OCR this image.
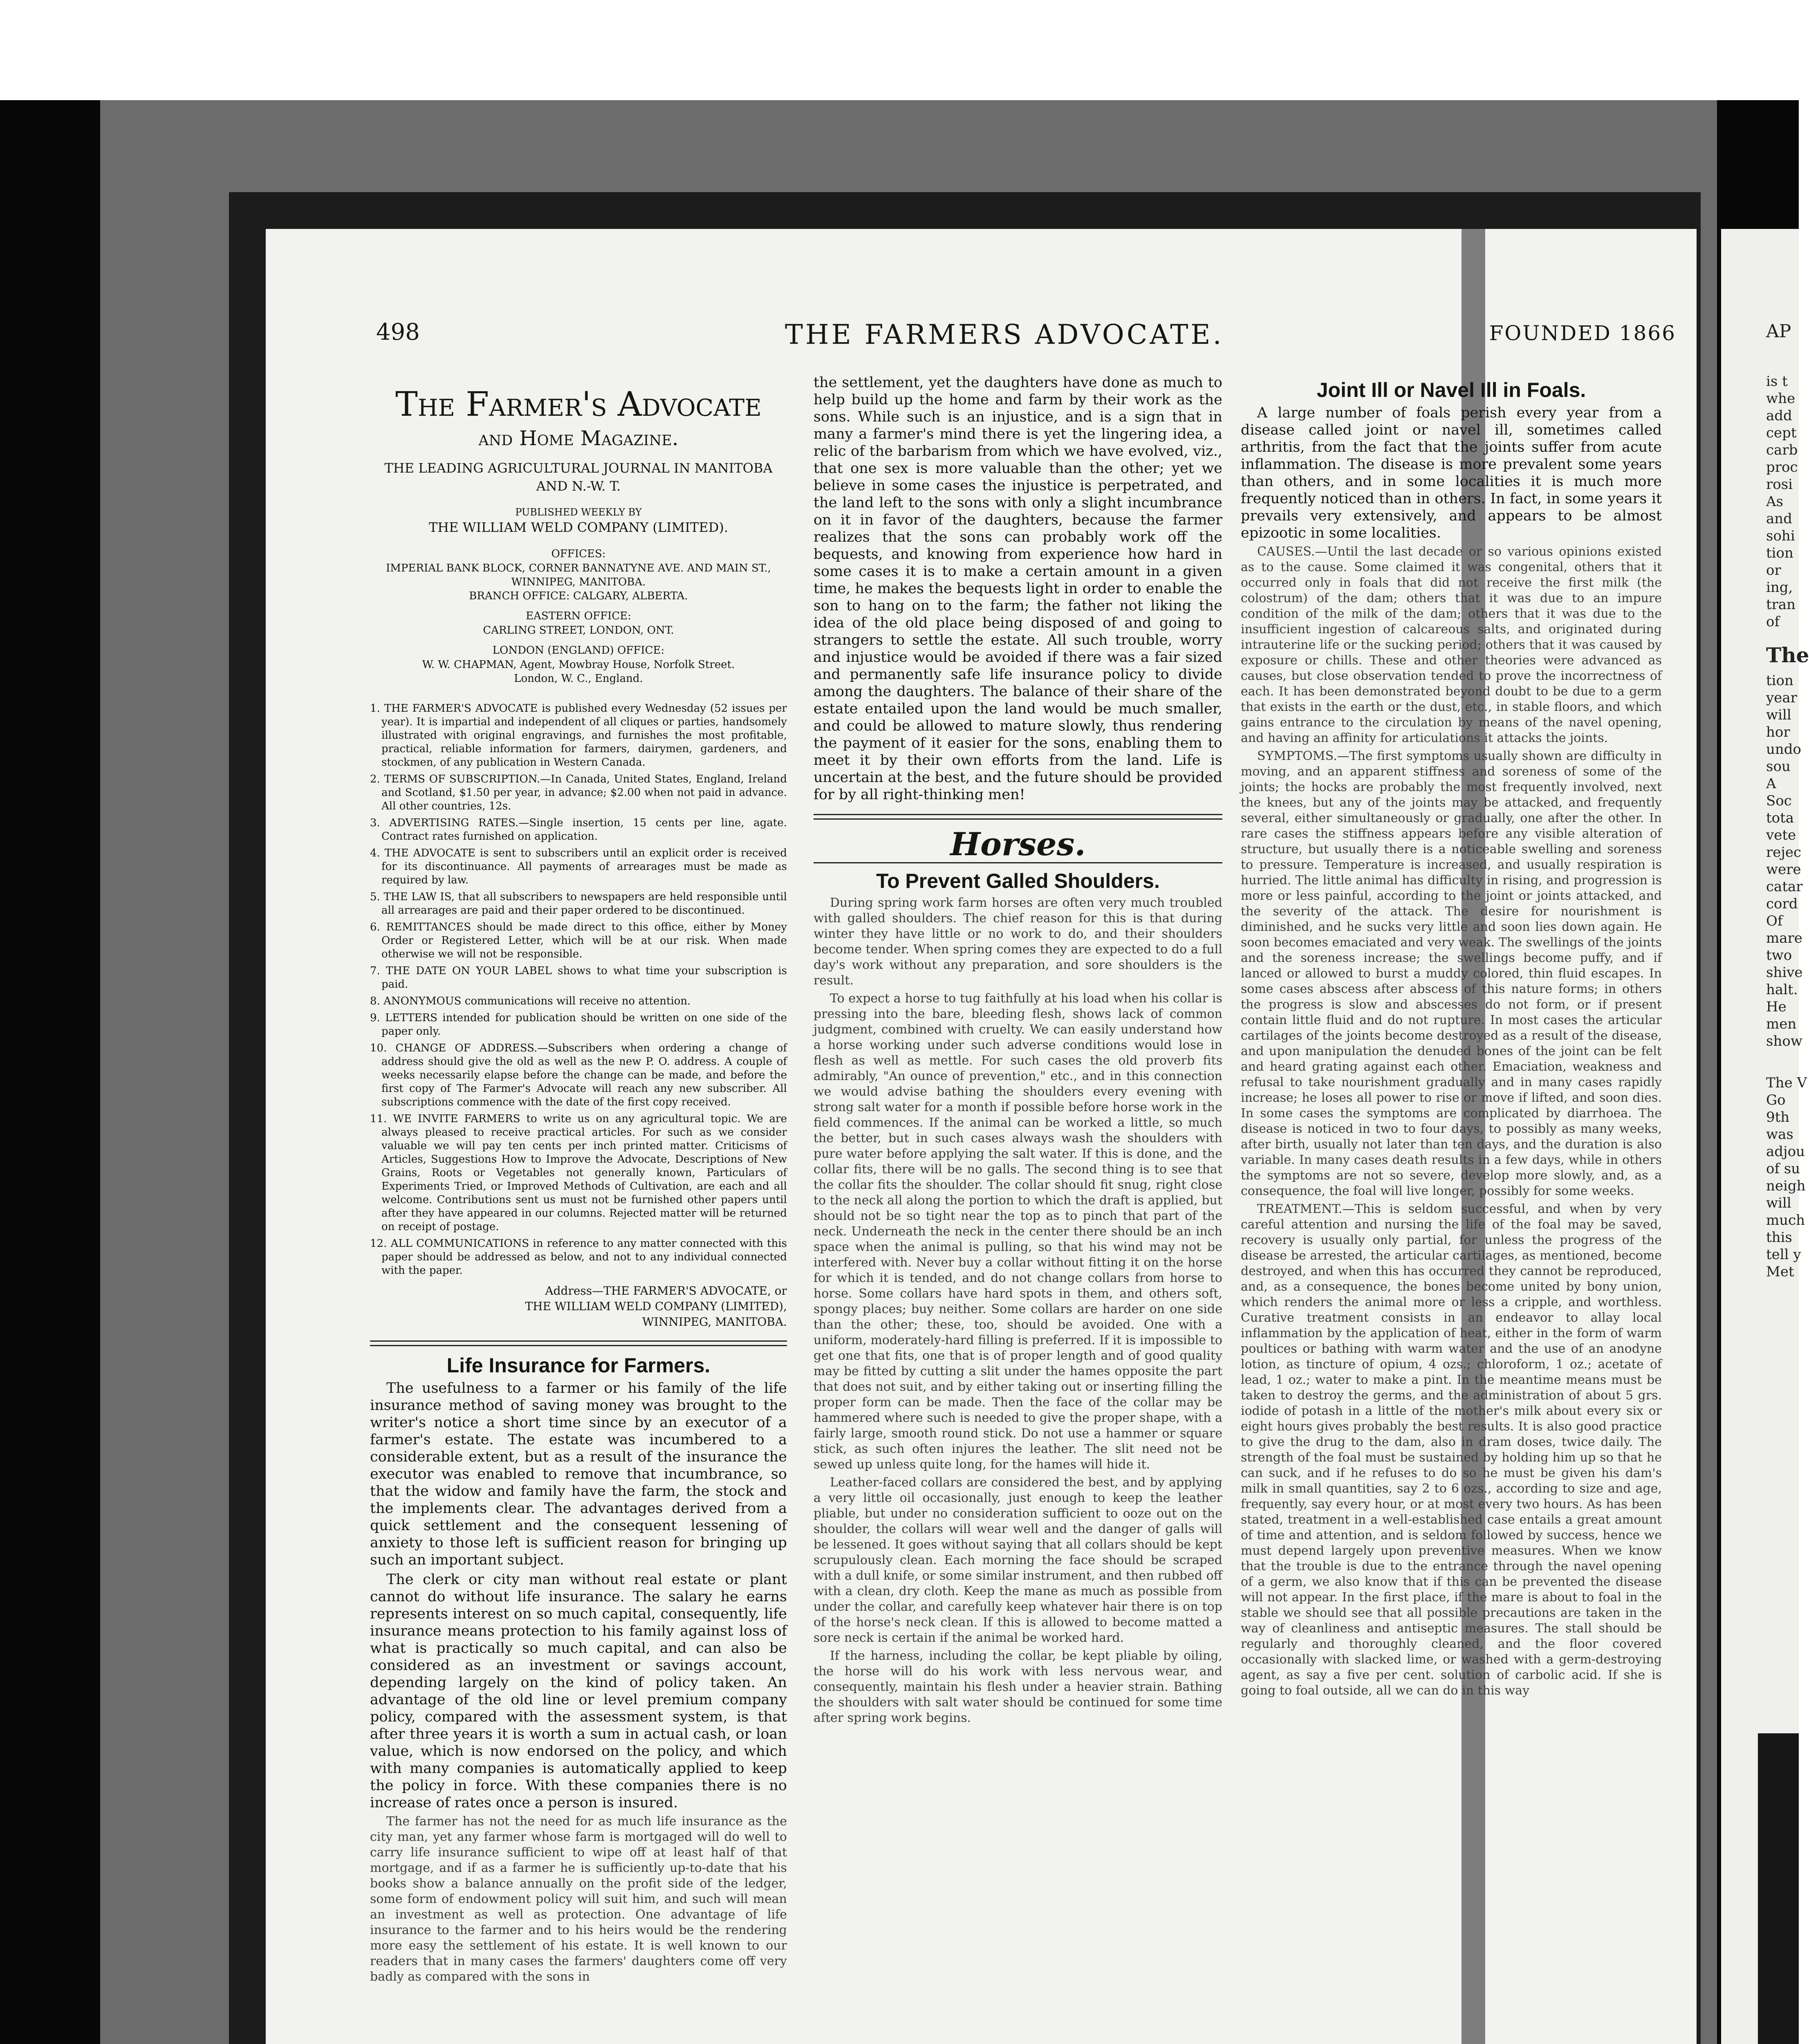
498	THE FARMERS ADVOCATE.	FOUNDED 1866
The Farmer's Advocate
and Home Magazine.
THE LEADING AGRICULTURAL JOURNAL IN MANITOBA AND N.-W. T.
PUBLISHED WEEKLY BY
THE WILLIAM WELD COMPANY (LIMITED).
OFFICES:
IMPERIAL BANK BLOCK, CORNER BANNATYNE AVE. AND MAIN ST., WINNIPEG, MANITOBA.
BRANCH OFFICE: CALGARY, ALBERTA.
EASTERN OFFICE:
CARLING STREET, LONDON, ONT.
LONDON (ENGLAND) OFFICE:
W. W. CHAPMAN, Agent, Mowbray House, Norfolk Street.
London, W. C., England.

1. THE FARMER'S ADVOCATE is published every Wednesday (52 issues per year). It is impartial and independent of all cliques or parties, handsomely illustrated with original engravings, and furnishes the most profitable, practical, reliable information for farmers, dairymen, gardeners, and stockmen, of any publication in Western Canada.

2. TERMS OF SUBSCRIPTION.—In Canada, United States, England, Ireland and Scotland, $1.50 per year, in advance; $2.00 when not paid in advance. All other countries, 12s.

3. ADVERTISING RATES.—Single insertion, 15 cents per line, agate. Contract rates furnished on application.

4. THE ADVOCATE is sent to subscribers until an explicit order is received for its discontinuance. All payments of arrearages must be made as required by law.

5. THE LAW IS, that all subscribers to newspapers are held responsible until all arrearages are paid and their paper ordered to be discontinued.

6. REMITTANCES should be made direct to this office, either by Money Order or Registered Letter, which will be at our risk. When made otherwise we will not be responsible.

7. THE DATE ON YOUR LABEL shows to what time your subscription is paid.

8. ANONYMOUS communications will receive no attention.

9. LETTERS intended for publication should be written on one side of the paper only.

10. CHANGE OF ADDRESS.—Subscribers when ordering a change of address should give the old as well as the new P. O. address. A couple of weeks necessarily elapse before the change can be made, and before the first copy of The Farmer's Advocate will reach any new subscriber. All subscriptions commence with the date of the first copy received.

11. WE INVITE FARMERS to write us on any agricultural topic. We are always pleased to receive practical articles. For such as we consider valuable we will pay ten cents per inch printed matter. Criticisms of Articles, Suggestions How to Improve the Advocate, Descriptions of New Grains, Roots or Vegetables not generally known, Particulars of Experiments Tried, or Improved Methods of Cultivation, are each and all welcome. Contributions sent us must not be furnished other papers until after they have appeared in our columns. Rejected matter will be returned on receipt of postage.

12. ALL COMMUNICATIONS in reference to any matter connected with this paper should be addressed as below, and not to any individual connected with the paper.

Address—THE FARMER'S ADVOCATE, or
THE WILLIAM WELD COMPANY (LIMITED),
WINNIPEG, MANITOBA.
Life Insurance for Farmers.

The usefulness to a farmer or his family of the life insurance method of saving money was brought to the writer's notice a short time since by an executor of a farmer's estate. The estate was incumbered to a considerable extent, but as a result of the insurance the executor was enabled to remove that incumbrance, so that the widow and family have the farm, the stock and the implements clear. The advantages derived from a quick settlement and the consequent lessening of anxiety to those left is sufficient reason for bringing up such an important subject.

The clerk or city man without real estate or plant cannot do without life insurance. The salary he earns represents interest on so much capital, consequently, life insurance means protection to his family against loss of what is practically so much capital, and can also be considered as an investment or savings account, depending largely on the kind of policy taken. An advantage of the old line or level premium company policy, compared with the assessment system, is that after three years it is worth a sum in actual cash, or loan value, which is now endorsed on the policy, and which with many companies is automatically applied to keep the policy in force. With these companies there is no increase of rates once a person is insured.

The farmer has not the need for as much life insurance as the city man, yet any farmer whose farm is mortgaged will do well to carry life insurance sufficient to wipe off at least half of that mortgage, and if as a farmer he is sufficiently up-to-date that his books show a balance annually on the profit side of the ledger, some form of endowment policy will suit him, and such will mean an investment as well as protection. One advantage of life insurance to the farmer and to his heirs would be the rendering more easy the settlement of his estate. It is well known to our readers that in many cases the farmers' daughters come off very badly as compared with the sons in

the settlement, yet the daughters have done as much to help build up the home and farm by their work as the sons. While such is an injustice, and is a sign that in many a farmer's mind there is yet the lingering idea, a relic of the barbarism from which we have evolved, viz., that one sex is more valuable than the other; yet we believe in some cases the injustice is perpetrated, and the land left to the sons with only a slight incumbrance on it in favor of the daughters, because the farmer realizes that the sons can probably work off the bequests, and knowing from experience how hard in some cases it is to make a certain amount in a given time, he makes the bequests light in order to enable the son to hang on to the farm; the father not liking the idea of the old place being disposed of and going to strangers to settle the estate. All such trouble, worry and injustice would be avoided if there was a fair sized and permanently safe life insurance policy to divide among the daughters. The balance of their share of the estate entailed upon the land would be much smaller, and could be allowed to mature slowly, thus rendering the payment of it easier for the sons, enabling them to meet it by their own efforts from the land. Life is uncertain at the best, and the future should be provided for by all right-thinking men!

Horses.
To Prevent Galled Shoulders.

During spring work farm horses are often very much troubled with galled shoulders. The chief reason for this is that during winter they have little or no work to do, and their shoulders become tender. When spring comes they are expected to do a full day's work without any preparation, and sore shoulders is the result.

To expect a horse to tug faithfully at his load when his collar is pressing into the bare, bleeding flesh, shows lack of common judgment, combined with cruelty. We can easily understand how a horse working under such adverse conditions would lose in flesh as well as mettle. For such cases the old proverb fits admirably, "An ounce of prevention," etc., and in this connection we would advise bathing the shoulders every evening with strong salt water for a month if possible before horse work in the field commences. If the animal can be worked a little, so much the better, but in such cases always wash the shoulders with pure water before applying the salt water. If this is done, and the collar fits, there will be no galls. The second thing is to see that the collar fits the shoulder. The collar should fit snug, right close to the neck all along the portion to which the draft is applied, but should not be so tight near the top as to pinch that part of the neck. Underneath the neck in the center there should be an inch space when the animal is pulling, so that his wind may not be interfered with. Never buy a collar without fitting it on the horse for which it is tended, and do not change collars from horse to horse. Some collars have hard spots in them, and others soft, spongy places; buy neither. Some collars are harder on one side than the other; these, too, should be avoided. One with a uniform, moderately-hard filling is preferred. If it is impossible to get one that fits, one that is of proper length and of good quality may be fitted by cutting a slit under the hames opposite the part that does not suit, and by either taking out or inserting filling the proper form can be made. Then the face of the collar may be hammered where such is needed to give the proper shape, with a fairly large, smooth round stick. Do not use a hammer or square stick, as such often injures the leather. The slit need not be sewed up unless quite long, for the hames will hide it.

Leather-faced collars are considered the best, and by applying a very little oil occasionally, just enough to keep the leather pliable, but under no consideration sufficient to ooze out on the shoulder, the collars will wear well and the danger of galls will be lessened. It goes without saying that all collars should be kept scrupulously clean. Each morning the face should be scraped with a dull knife, or some similar instrument, and then rubbed off with a clean, dry cloth. Keep the mane as much as possible from under the collar, and carefully keep whatever hair there is on top of the horse's neck clean. If this is allowed to become matted a sore neck is certain if the animal be worked hard.

If the harness, including the collar, be kept pliable by oiling, the horse will do his work with less nervous wear, and consequently, maintain his flesh under a heavier strain. Bathing the shoulders with salt water should be continued for some time after spring work begins.

Joint Ill or Navel Ill in Foals.

A large number of foals perish every year from a disease called joint or navel ill, sometimes called arthritis, from the fact that the joints suffer from acute inflammation. The disease is more prevalent some years than others, and in some localities it is much more frequently noticed than in others. In fact, in some years it prevails very extensively, and appears to be almost epizootic in some localities.

CAUSES.—Until the last decade or so various opinions existed as to the cause. Some claimed it was congenital, others that it occurred only in foals that did not receive the first milk (the colostrum) of the dam; others that it was due to an impure condition of the milk of the dam; others that it was due to the insufficient ingestion of calcareous salts, and originated during intrauterine life or the sucking period; others that it was caused by exposure or chills. These and other theories were advanced as causes, but close observation tended to prove the incorrectness of each. It has been demonstrated beyond doubt to be due to a germ that exists in the earth or the dust, etc., in stable floors, and which gains entrance to the circulation by means of the navel opening, and having an affinity for articulations it attacks the joints.

SYMPTOMS.—The first symptoms usually shown are difficulty in moving, and an apparent stiffness and soreness of some of the joints; the hocks are probably the most frequently involved, next the knees, but any of the joints may be attacked, and frequently several, either simultaneously or gradually, one after the other. In rare cases the stiffness appears before any visible alteration of structure, but usually there is a noticeable swelling and soreness to pressure. Temperature is increased, and usually respiration is hurried. The little animal has difficulty in rising, and progression is more or less painful, according to the joint or joints attacked, and the severity of the attack. The desire for nourishment is diminished, and he sucks very little and soon lies down again. He soon becomes emaciated and very weak. The swellings of the joints and the soreness increase; the swellings become puffy, and if lanced or allowed to burst a muddy colored, thin fluid escapes. In some cases abscess after abscess of this nature forms; in others the progress is slow and abscesses do not form, or if present contain little fluid and do not rupture. In most cases the articular cartilages of the joints become destroyed as a result of the disease, and upon manipulation the denuded bones of the joint can be felt and heard grating against each other. Emaciation, weakness and refusal to take nourishment gradually and in many cases rapidly increase; he loses all power to rise or move if lifted, and soon dies. In some cases the symptoms are complicated by diarrhoea. The disease is noticed in two to four days, to possibly as many weeks, after birth, usually not later than ten days, and the duration is also variable. In many cases death results in a few days, while in others the symptoms are not so severe, develop more slowly, and, as a consequence, the foal will live longer, possibly for some weeks.

TREATMENT.—This is seldom successful, and when by very careful attention and nursing the life of the foal may be saved, recovery is usually only partial, for unless the progress of the disease be arrested, the articular cartilages, as mentioned, become destroyed, and when this has occurred they cannot be reproduced, and, as a consequence, the bones become united by bony union, which renders the animal more or less a cripple, and worthless. Curative treatment consists in an endeavor to allay local inflammation by the application of heat, either in the form of warm poultices or bathing with warm water and the use of an anodyne lotion, as tincture of opium, 4 ozs.; chloroform, 1 oz.; acetate of lead, 1 oz.; water to make a pint. In the meantime means must be taken to destroy the germs, and the administration of about 5 grs. iodide of potash in a little of the mother's milk about every six or eight hours gives probably the best results. It is also good practice to give the drug to the dam, also in dram doses, twice daily. The strength of the foal must be sustained by holding him up so that he can suck, and if he refuses to do so he must be given his dam's milk in small quantities, say 2 to 6 ozs., according to size and age, frequently, say every hour, or at most every two hours. As has been stated, treatment in a well-established case entails a great amount of time and attention, and is seldom followed by success, hence we must depend largely upon preventive measures. When we know that the trouble is due to the entrance through the navel opening of a germ, we also know that if this can be prevented the disease will not appear. In the first place, if the mare is about to foal in the stable we should see that all possible precautions are taken in the way of cleanliness and antiseptic measures. The stall should be regularly and thoroughly cleaned, and the floor covered occasionally with slacked lime, or washed with a germ-destroying agent, as say a five per cent. solution of carbolic acid. If she is going to foal outside, all we can do in this way

AP
is t
whe
add
cept
carb
proc
rosi
As
and
sohi
tion
or
ing,
tran
of
The
tion
year
will
hor
undo
sou
A
Soc
tota
vete
rejec
were
catar
cord
Of
mare
two
shive
halt.
He
men
show
The V
Go
9th
was
adjou
of su
neigh
will
much
this
tell y
Met
